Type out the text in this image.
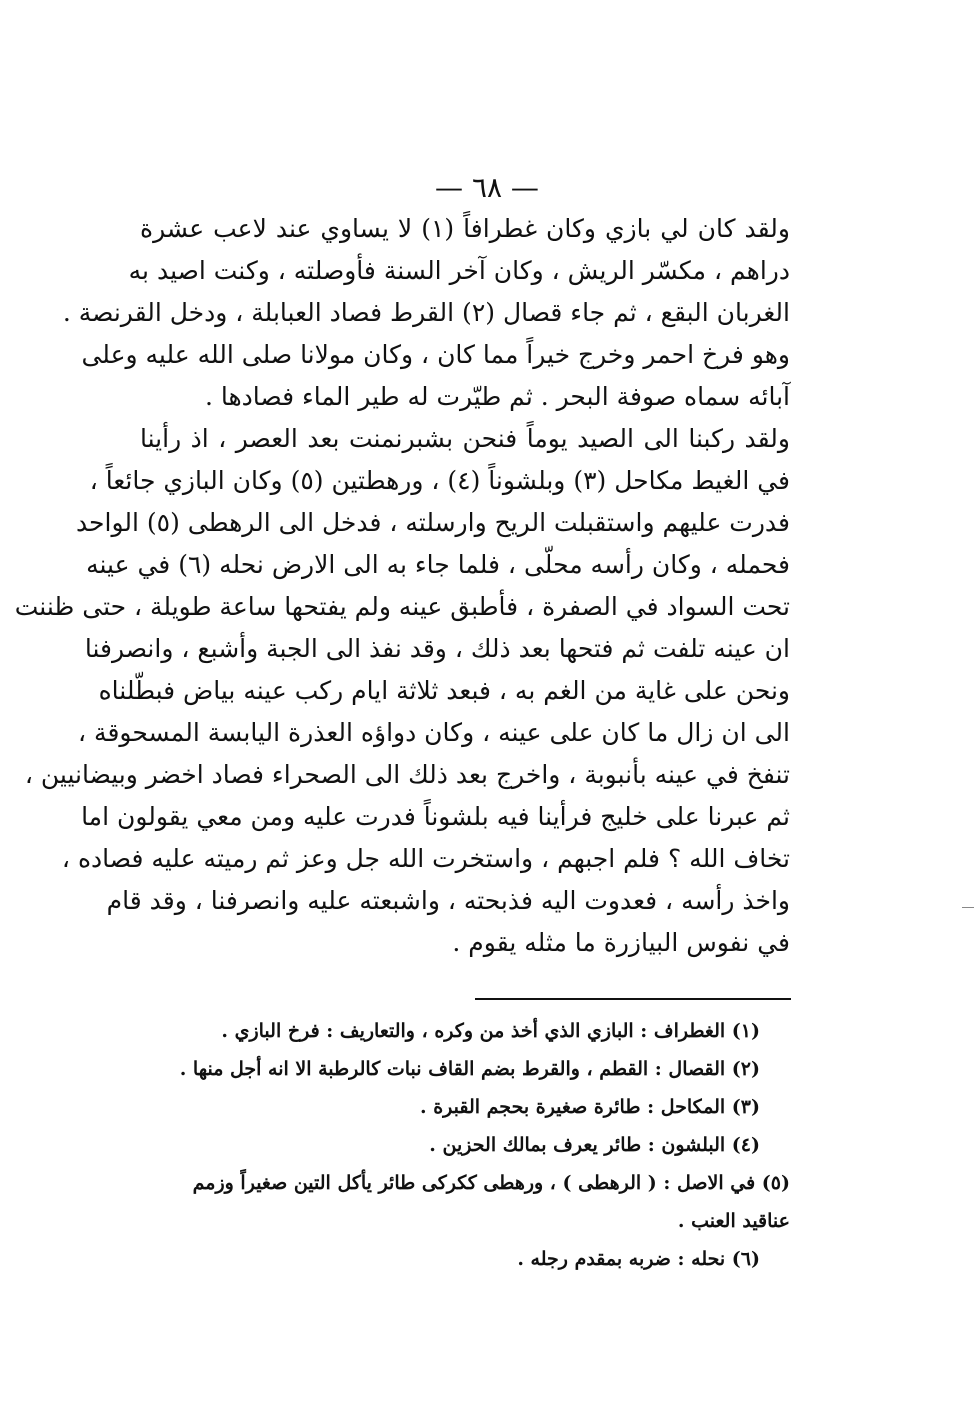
— ٦٨ —
ولقد كان لي بازي وكان غطرافاً (١) لا يساوي عند لاعب عشرة
دراهم ، مكسّر الريش ، وكان آخر السنة فأوصلته ، وكنت اصيد به
الغربان البقع ، ثم جاء قصال (٢) القرط فصاد العبابلة ، ودخل القرنصة .
وهو فرخ احمر وخرج خيراً مما كان ، وكان مولانا صلى الله عليه وعلى
آبائه سماه صوفة البحر . ثم طيّرت له طير الماء فصادها .
ولقد ركبنا الى الصيد يوماً فنحن بشبرنمنت بعد العصر ، اذ رأينا
في الغيط مكاحل (٣) وبلشوناً (٤) ، ورهطتين (٥) وكان البازي جائعاً ،
فدرت عليهم واستقبلت الريح وارسلته ، فدخل الى الرهطى (٥) الواحد
فحمله ، وكان رأسه محلّى ، فلما جاء به الى الارض نحله (٦) في عينه
تحت السواد في الصفرة ، فأطبق عينه ولم يفتحها ساعة طويلة ، حتى ظننت
ان عينه تلفت ثم فتحها بعد ذلك ، وقد نفذ الى الجبة وأشبع ، وانصرفنا
ونحن على غاية من الغم به ، فبعد ثلاثة ايام ركب عينه بياض فبطّلناه
الى ان زال ما كان على عينه ، وكان دواؤه العذرة اليابسة المسحوقة ،
تنفخ في عينه بأنبوبة ، واخرج بعد ذلك الى الصحراء فصاد اخضر وبيضانيين ،
ثم عبرنا على خليج فرأينا فيه بلشوناً فدرت عليه ومن معي يقولون اما
تخاف الله ؟ فلم اجبهم ، واستخرت الله جل وعز ثم رميته عليه فصاده ،
واخذ رأسه ، فعدوت اليه فذبحته ، واشبعته عليه وانصرفنا ، وقد قام
في نفوس البيازرة ما مثله يقوم .
(١) الغطراف : البازي الذي أخذ من وكره ، والتعاريف : فرخ البازي .
(٢) القصال : القطم ، والقرط بضم القاف نبات كالرطبة الا انه أجل منها .
(٣) المكاحل : طائرة صغيرة بحجم القبرة .
(٤) البلشون : طائر يعرف بمالك الحزين .
(٥) في الاصل : ( الرهطى ) ، ورهطى ككركى طائر يأكل التين صغيراً وزمم
عناقيد العنب .
(٦) نحله : ضربه بمقدم رجله .
